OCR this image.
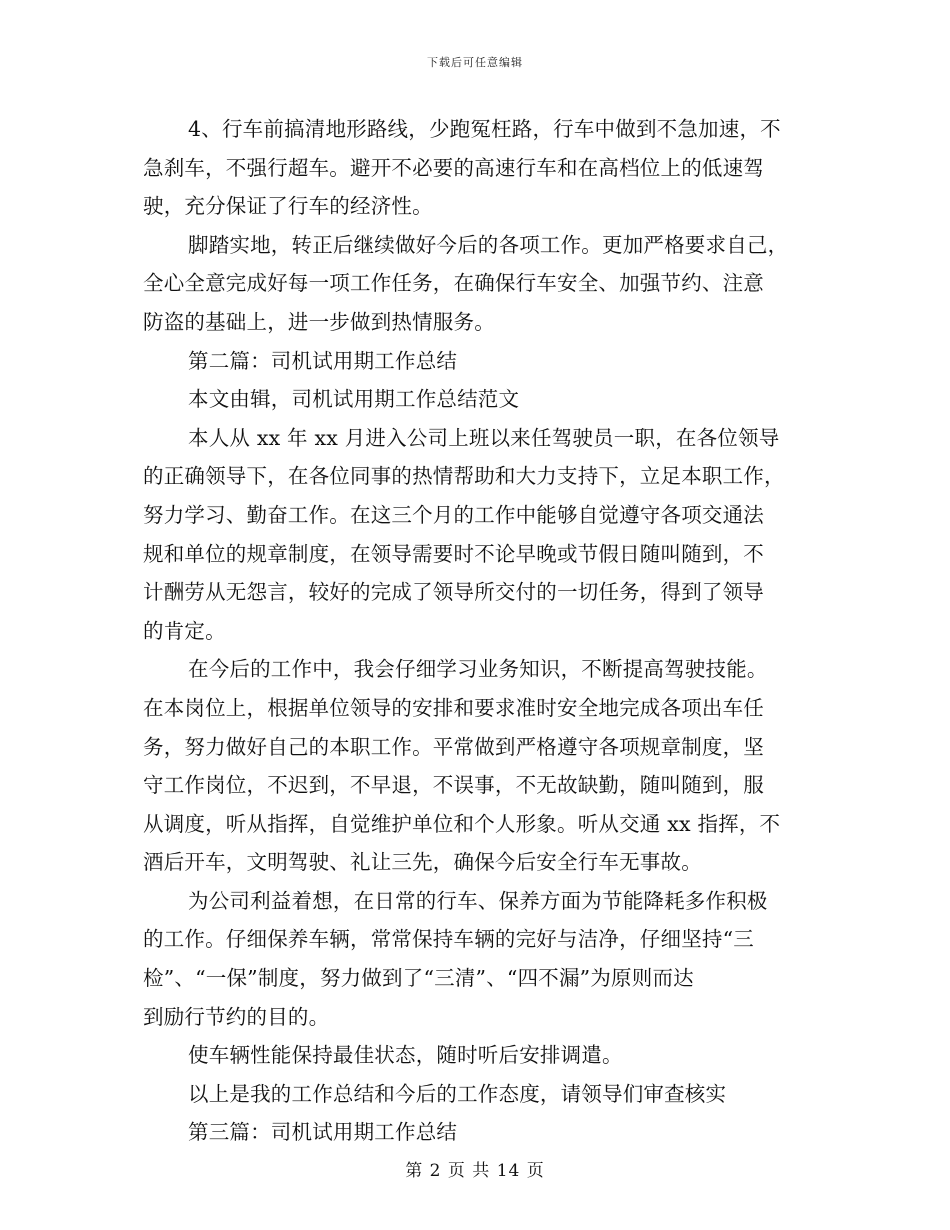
下载后可任意编辑
4、行车前搞清地形路线，少跑冤枉路，行车中做到不急加速，不
急刹车，不强行超车。避开不必要的高速行车和在高档位上的低速驾
驶，充分保证了行车的经济性。
脚踏实地，转正后继续做好今后的各项工作。更加严格要求自己，
全心全意完成好每一项工作任务，在确保行车安全、加强节约、注意
防盗的基础上，进一步做到热情服务。
第二篇：司机试用期工作总结
本文由辑，司机试用期工作总结范文
本人从 xx 年 xx 月进入公司上班以来任驾驶员一职，在各位领导
的正确领导下，在各位同事的热情帮助和大力支持下，立足本职工作，
努力学习、勤奋工作。在这三个月的工作中能够自觉遵守各项交通法
规和单位的规章制度，在领导需要时不论早晚或节假日随叫随到，不
计酬劳从无怨言，较好的完成了领导所交付的一切任务，得到了领导
的肯定。
在今后的工作中，我会仔细学习业务知识，不断提高驾驶技能。
在本岗位上，根据单位领导的安排和要求准时安全地完成各项出车任
务，努力做好自己的本职工作。平常做到严格遵守各项规章制度，坚
守工作岗位，不迟到，不早退，不误事，不无故缺勤，随叫随到，服
从调度，听从指挥，自觉维护单位和个人形象。听从交通 xx 指挥，不
酒后开车，文明驾驶、礼让三先，确保今后安全行车无事故。
为公司利益着想，在日常的行车、保养方面为节能降耗多作积极
的工作。仔细保养车辆，常常保持车辆的完好与洁净，仔细坚持“三
检”、“一保”制度，努力做到了“三清”、“四不漏”为原则而达
到励行节约的目的。
使车辆性能保持最佳状态，随时听后安排调遣。
以上是我的工作总结和今后的工作态度，请领导们审查核实
第三篇：司机试用期工作总结
第 2 页 共 14 页
